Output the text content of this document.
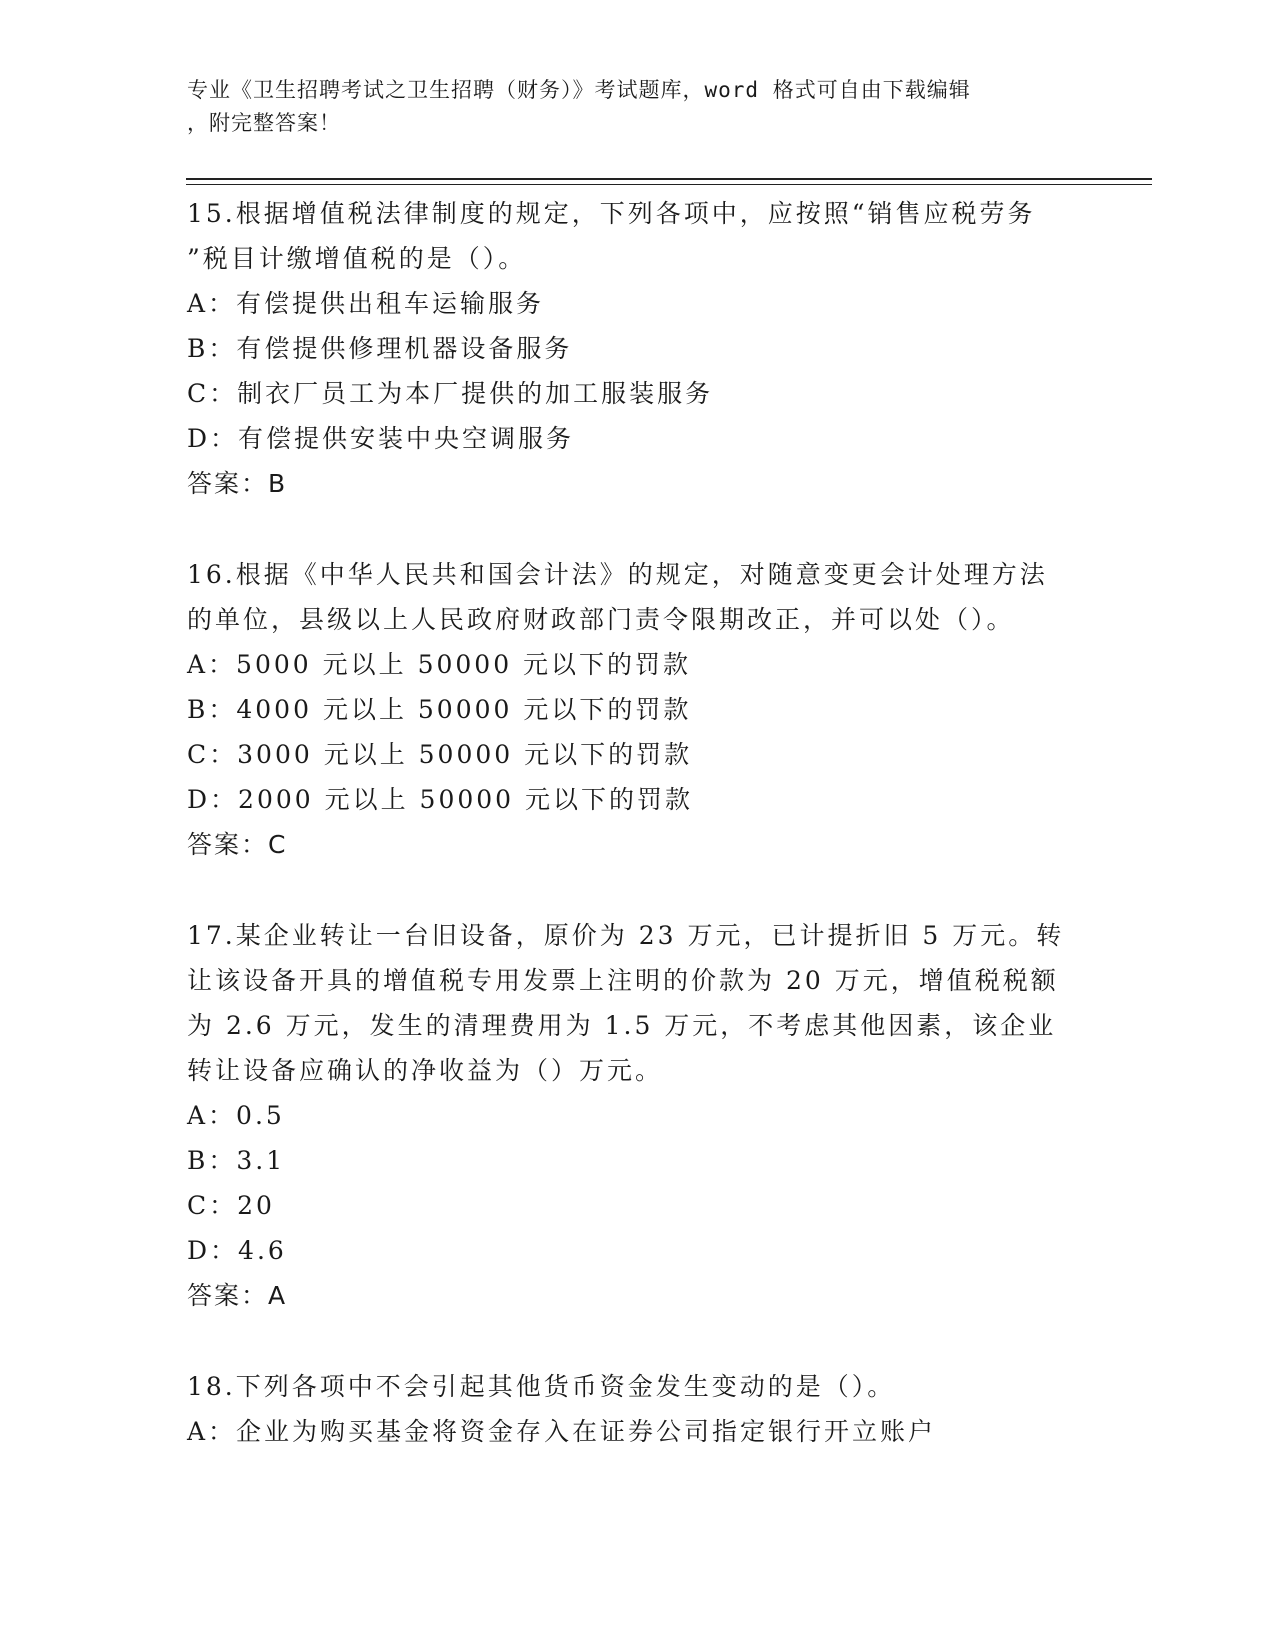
专业《卫生招聘考试之卫生招聘（财务）》考试题库，word 格式可自由下载编辑
，附完整答案！
15.根据增值税法律制度的规定，下列各项中，应按照“销售应税劳务
”税目计缴增值税的是（）。
A：有偿提供出租车运输服务
B：有偿提供修理机器设备服务
C：制衣厂员工为本厂提供的加工服装服务
D：有偿提供安装中央空调服务
答案：B
16.根据《中华人民共和国会计法》的规定，对随意变更会计处理方法
的单位，县级以上人民政府财政部门责令限期改正，并可以处（）。
A：5000 元以上 50000 元以下的罚款
B：4000 元以上 50000 元以下的罚款
C：3000 元以上 50000 元以下的罚款
D：2000 元以上 50000 元以下的罚款
答案：C
17.某企业转让一台旧设备，原价为 23 万元，已计提折旧 5 万元。转
让该设备开具的增值税专用发票上注明的价款为 20 万元，增值税税额
为 2.6 万元，发生的清理费用为 1.5 万元，不考虑其他因素，该企业
转让设备应确认的净收益为（）万元。
A：0.5
B：3.1
C：20
D：4.6
答案：A
18.下列各项中不会引起其他货币资金发生变动的是（）。
A：企业为购买基金将资金存入在证券公司指定银行开立账户
